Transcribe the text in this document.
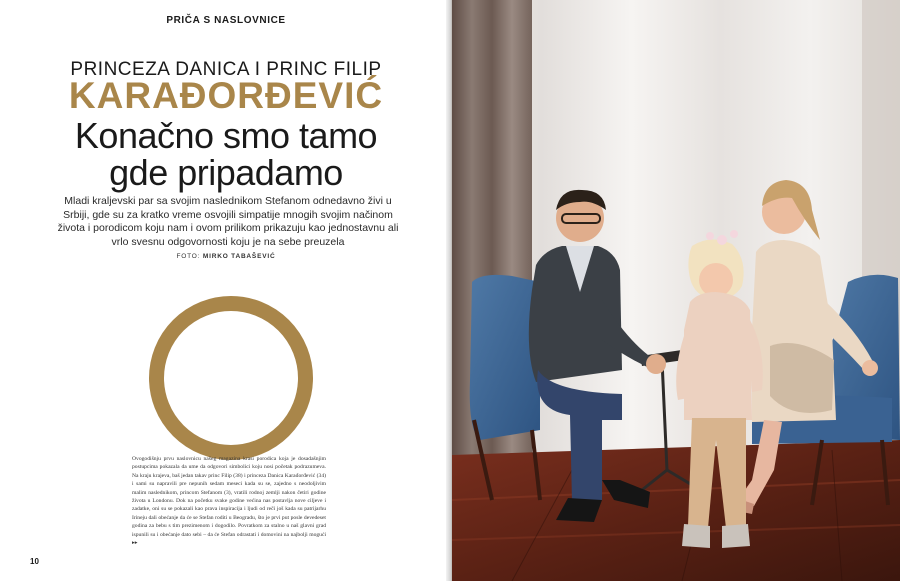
PRIČA S NASLOVNICE
PRINCEZA DANICA I PRINC FILIP
KARAĐORĐEVIĆ
Konačno smo tamo
gde pripadamo
Mladi kraljevski par sa svojim naslednikom Stefanom odnedavno živi u Srbiji, gde su za kratko vreme osvojili simpatije mnogih svojim načinom života i porodicom koju nam i ovom prilikom prikazuju kao jednostavnu ali vrlo svesnu odgovornosti koju je na sebe preuzela
FOTO: MIRKO TABAŠEVIĆ
Ovogodišnju prvu naslovnicu našeg magazina krasi porodica koja je dosadašnjim postupcima pokazala da ume da odgovori simbolici koju nosi početak podrazumeva. Na kraju krajeva, baš jedan takav princ Filip (38) i princeza Danica Karađorđević (34) i sami su napravili pre nepunih sedam meseci kada su se, zajedno s neodoljivim malim naslednikom, princom Stefanom (3), vratili rodnoj zemlji nakon četiri godine života u Londonu. Dok na početku svake godine većina nas postavlja nove ciljeve i zadatke, oni su se pokazali kao prava inspiracija i ljudi od reči još kada su patrijarhu Irineju dali obećanje da će se Stefan roditi u Beogradu, što je prvi put posle devedeset godina za bebu s tim prezimenom i dogodilo. Povratkom za stalno u naš glavni grad ispunili su i obećanje dato sebi – da će Stefan odrastati i domovini na najbolji mogući ▸▸
10
